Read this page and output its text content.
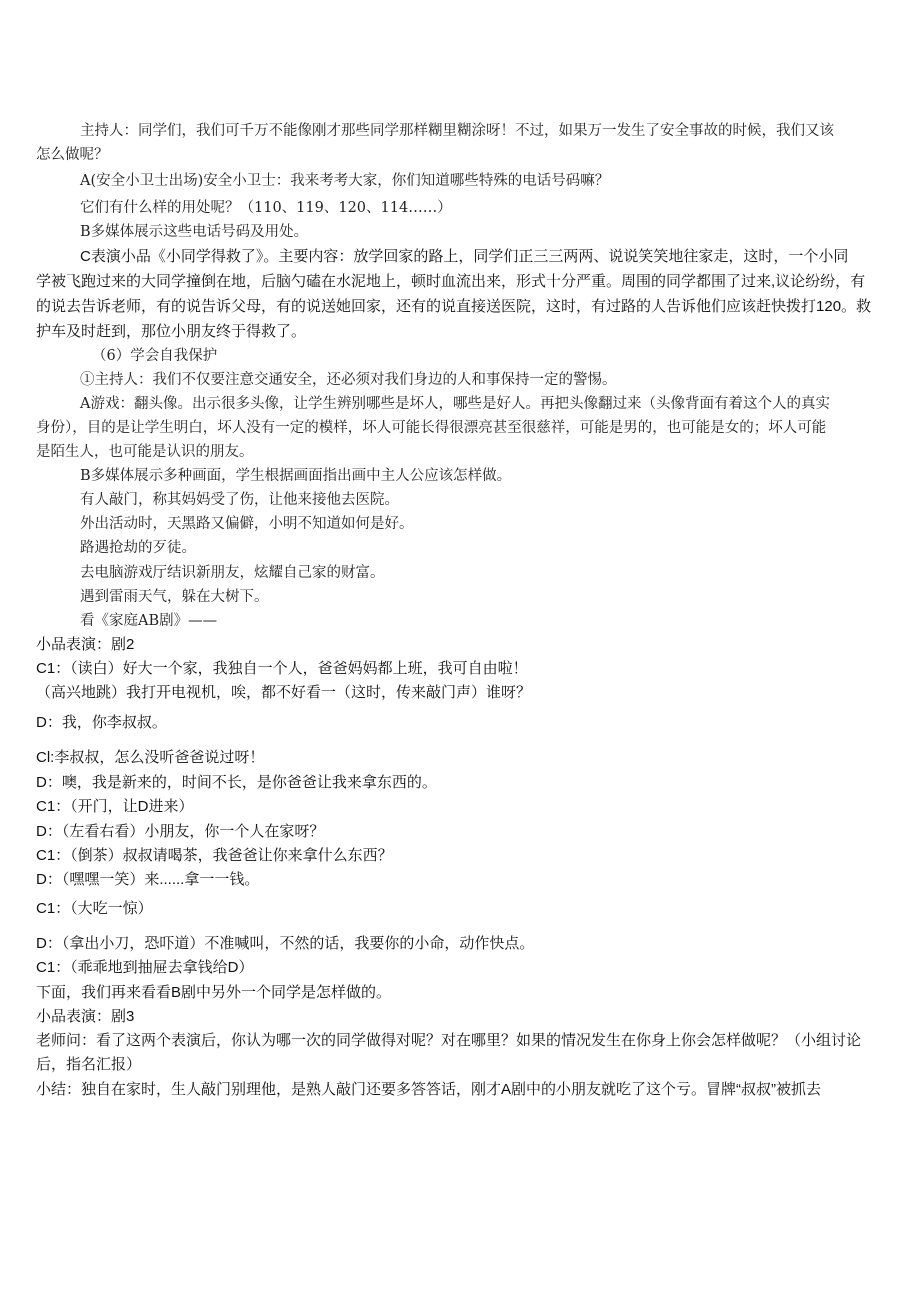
主持人：同学们，我们可千万不能像刚才那些同学那样糊里糊涂呀！不过，如果万一发生了安全事故的时候，我们又该
怎么做呢？
A(安全小卫士出场)安全小卫士：我来考考大家，你们知道哪些特殊的电话号码嘛？
它们有什么样的用处呢？（110、119、120、114……）
B多媒体展示这些电话号码及用处。
C表演小品《小同学得救了》。主要内容：放学回家的路上，同学们正三三两两、说说笑笑地往家走，这时，一个小同
学被飞跑过来的大同学撞倒在地，后脑勺磕在水泥地上，顿时血流出来，形式十分严重。周围的同学都围了过来,议论纷纷，有
的说去告诉老师，有的说告诉父母，有的说送她回家，还有的说直接送医院，这时，有过路的人告诉他们应该赶快拨打120。救
护车及时赶到，那位小朋友终于得救了。
（6）学会自我保护
①主持人：我们不仅要注意交通安全，还必须对我们身边的人和事保持一定的警惕。
A游戏：翻头像。出示很多头像，让学生辨别哪些是坏人，哪些是好人。再把头像翻过来（头像背面有着这个人的真实
身份），目的是让学生明白，坏人没有一定的模样，坏人可能长得很漂亮甚至很慈祥，可能是男的，也可能是女的；坏人可能
是陌生人，也可能是认识的朋友。
B多媒体展示多种画面，学生根据画面指出画中主人公应该怎样做。
有人敲门，称其妈妈受了伤，让他来接他去医院。
外出活动时，天黑路又偏僻，小明不知道如何是好。
路遇抢劫的歹徒。
去电脑游戏厅结识新朋友，炫耀自己家的财富。
遇到雷雨天气，躲在大树下。
看《家庭AB剧》——
小品表演：剧2
C1：（读白）好大一个家，我独自一个人，爸爸妈妈都上班，我可自由啦！
（高兴地跳）我打开电视机，唉，都不好看一（这时，传来敲门声）谁呀？
D：我，你李叔叔。
Cl:李叔叔，怎么没听爸爸说过呀！
D：噢，我是新来的，时间不长，是你爸爸让我来拿东西的。
C1：（开门，让D进来）
D：（左看右看）小朋友，你一个人在家呀？
C1：（倒茶）叔叔请喝茶，我爸爸让你来拿什么东西？
D：（嘿嘿一笑）来......拿一一钱。
C1：（大吃一惊）
D：（拿出小刀，恐吓道）不准喊叫，不然的话，我要你的小命，动作快点。
C1：（乖乖地到抽屉去拿钱给D）
下面，我们再来看看B剧中另外一个同学是怎样做的。
小品表演：剧3
老师问：看了这两个表演后，你认为哪一次的同学做得对呢？对在哪里？如果的情况发生在你身上你会怎样做呢？（小组讨论
后，指名汇报）
小结：独自在家时，生人敲门别理他，是熟人敲门还要多答答话，刚才A剧中的小朋友就吃了这个亏。冒牌“叔叔”被抓去
